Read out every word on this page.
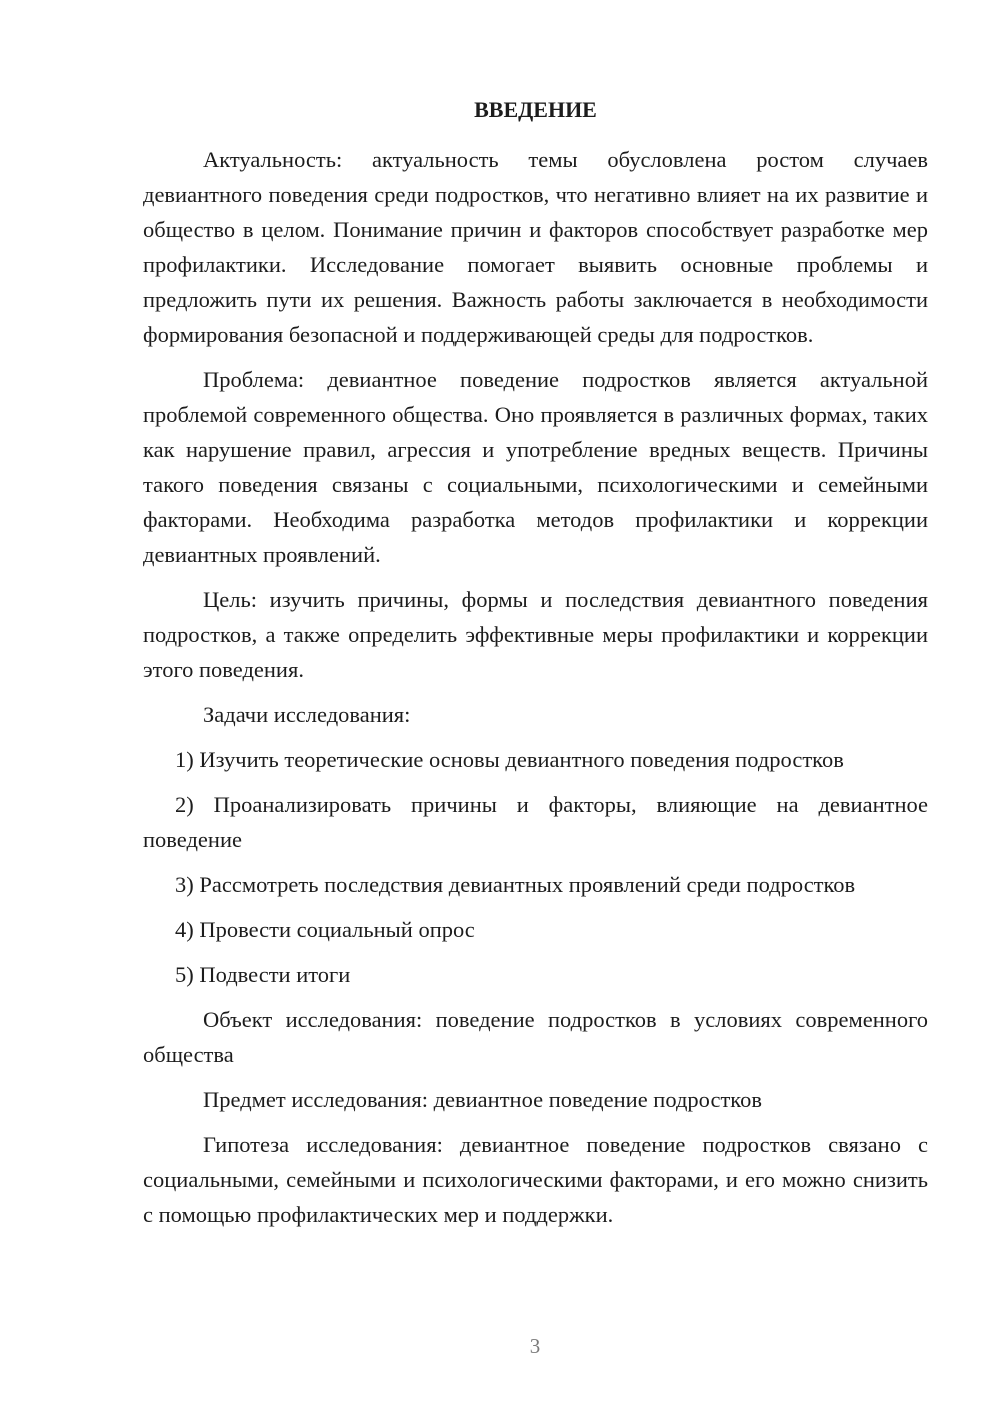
ВВЕДЕНИЕ

Актуальность: актуальность темы обусловлена ростом случаев девиантного поведения среди подростков, что негативно влияет на их развитие и общество в целом. Понимание причин и факторов способствует разработке мер профилактики. Исследование помогает выявить основные проблемы и предложить пути их решения. Важность работы заключается в необходимости формирования безопасной и поддерживающей среды для подростков.

Проблема: девиантное поведение подростков является актуальной проблемой современного общества. Оно проявляется в различных формах, таких как нарушение правил, агрессия и употребление вредных веществ. Причины такого поведения связаны с социальными, психологическими и семейными факторами. Необходима разработка методов профилактики и коррекции девиантных проявлений.

Цель: изучить причины, формы и последствия девиантного поведения подростков, а также определить эффективные меры профилактики и коррекции этого поведения.

Задачи исследования:

1) Изучить теоретические основы девиантного поведения подростков

2) Проанализировать причины и факторы, влияющие на девиантное поведение

3) Рассмотреть последствия девиантных проявлений среди подростков

4) Провести социальный опрос

5) Подвести итоги

Объект исследования: поведение подростков в условиях современного общества

Предмет исследования: девиантное поведение подростков

Гипотеза исследования: девиантное поведение подростков связано с социальными, семейными и психологическими факторами, и его можно снизить с помощью профилактических мер и поддержки.

3
